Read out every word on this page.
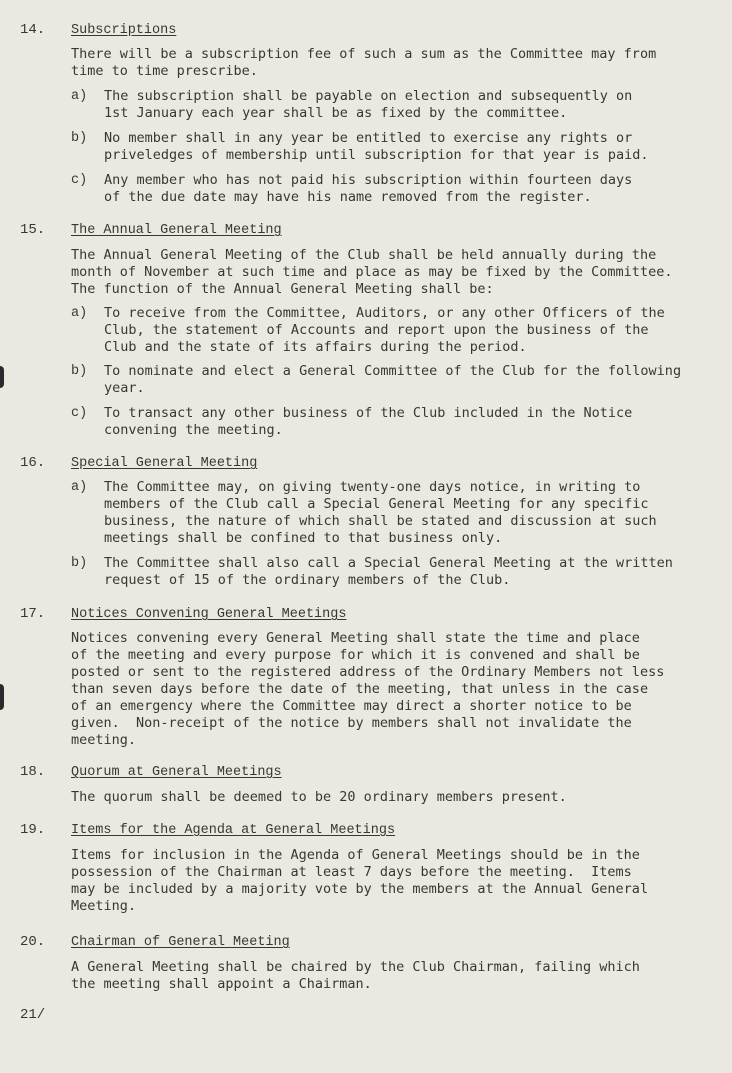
14. Subscriptions
There will be a subscription fee of such a sum as the Committee may from
time to time prescribe.
a) The subscription shall be payable on election and subsequently on
1st January each year shall be as fixed by the committee.
b) No member shall in any year be entitled to exercise any rights or
priveledges of membership until subscription for that year is paid.
c) Any member who has not paid his subscription within fourteen days
of the due date may have his name removed from the register.
15. The Annual General Meeting
The Annual General Meeting of the Club shall be held annually during the
month of November at such time and place as may be fixed by the Committee.
The function of the Annual General Meeting shall be:
a) To receive from the Committee, Auditors, or any other Officers of the
Club, the statement of Accounts and report upon the business of the
Club and the state of its affairs during the period.
b) To nominate and elect a General Committee of the Club for the following
year.
c) To transact any other business of the Club included in the Notice
convening the meeting.
16. Special General Meeting
a) The Committee may, on giving twenty-one days notice, in writing to
members of the Club call a Special General Meeting for any specific
business, the nature of which shall be stated and discussion at such
meetings shall be confined to that business only.
b) The Committee shall also call a Special General Meeting at the written
request of 15 of the ordinary members of the Club.
17. Notices Convening General Meetings
Notices convening every General Meeting shall state the time and place
of the meeting and every purpose for which it is convened and shall be
posted or sent to the registered address of the Ordinary Members not less
than seven days before the date of the meeting, that unless in the case
of an emergency where the Committee may direct a shorter notice to be
given.  Non-receipt of the notice by members shall not invalidate the
meeting.
18. Quorum at General Meetings
The quorum shall be deemed to be 20 ordinary members present.
19. Items for the Agenda at General Meetings
Items for inclusion in the Agenda of General Meetings should be in the
possession of the Chairman at least 7 days before the meeting.  Items
may be included by a majority vote by the members at the Annual General
Meeting.
20. Chairman of General Meeting
A General Meeting shall be chaired by the Club Chairman, failing which
the meeting shall appoint a Chairman.
21/
